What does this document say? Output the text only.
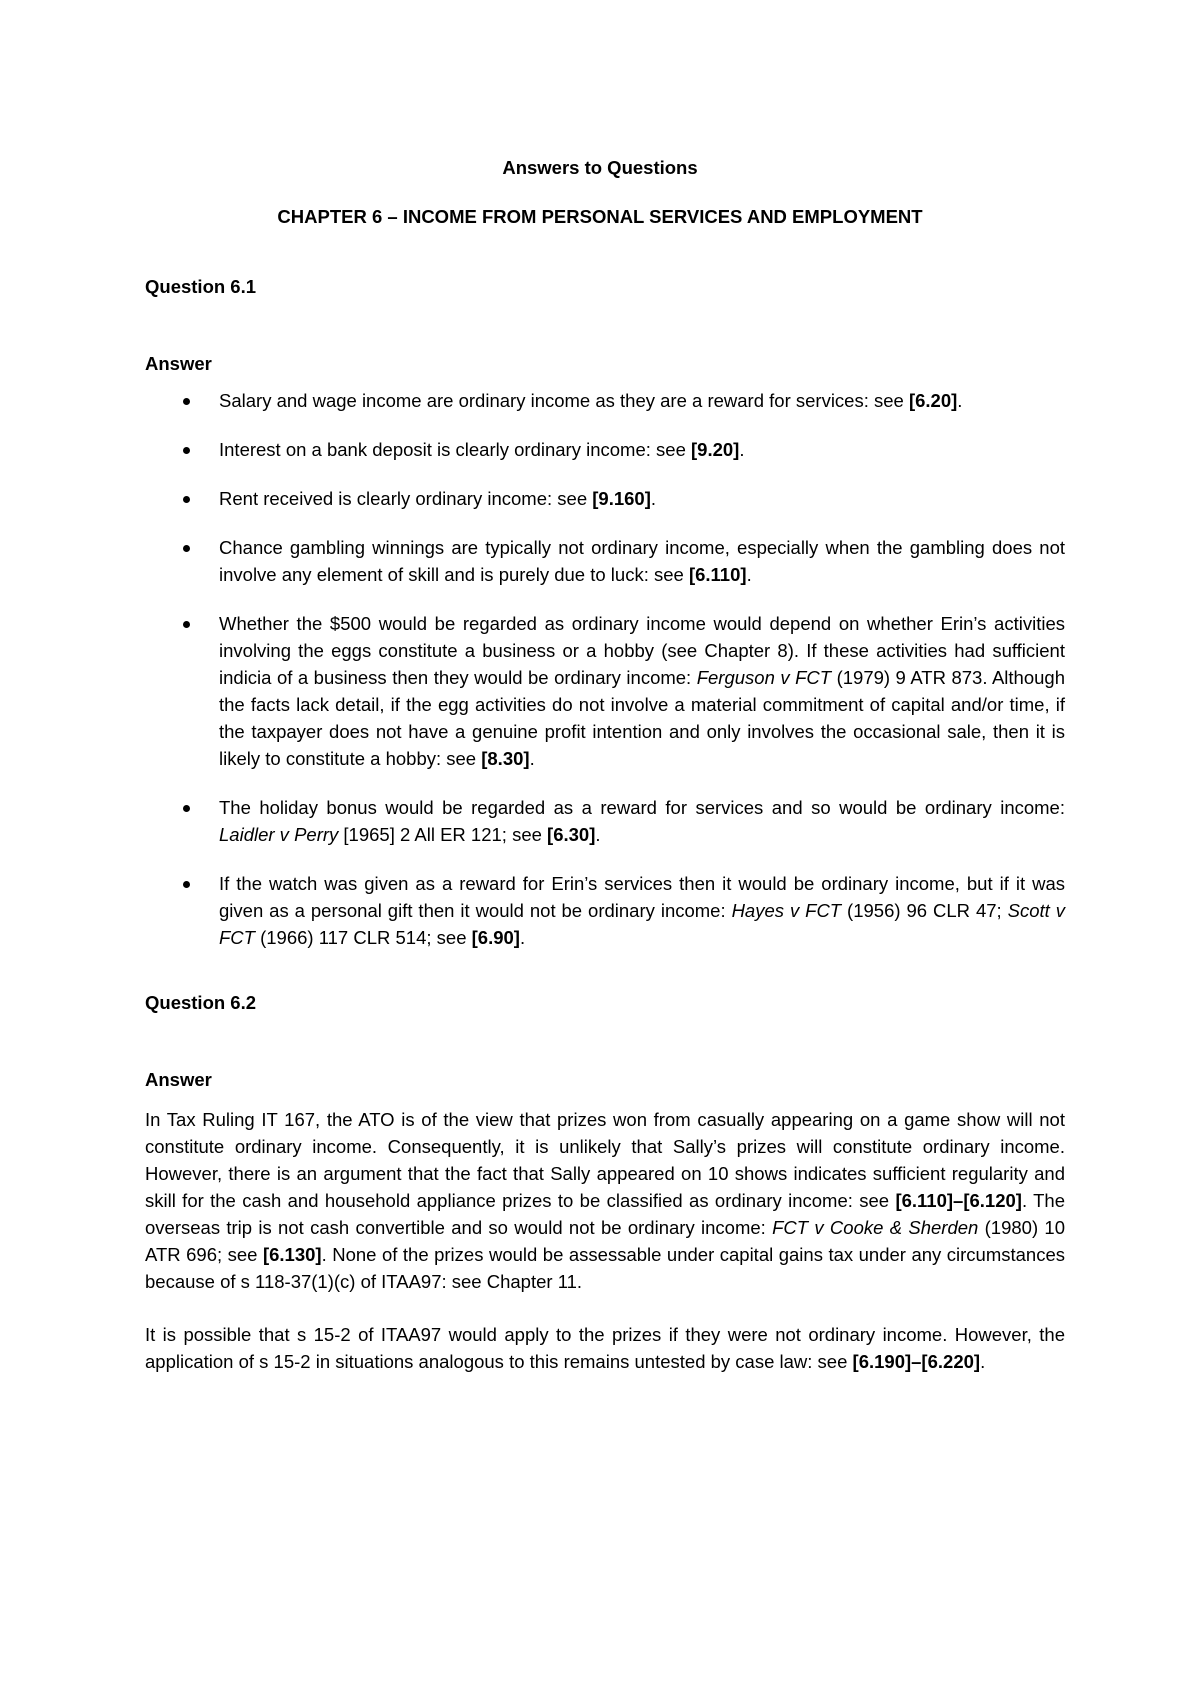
Answers to Questions
CHAPTER 6 – INCOME FROM PERSONAL SERVICES AND EMPLOYMENT
Question 6.1
Answer
Salary and wage income are ordinary income as they are a reward for services: see [6.20].
Interest on a bank deposit is clearly ordinary income: see [9.20].
Rent received is clearly ordinary income: see [9.160].
Chance gambling winnings are typically not ordinary income, especially when the gambling does not involve any element of skill and is purely due to luck: see [6.110].
Whether the $500 would be regarded as ordinary income would depend on whether Erin’s activities involving the eggs constitute a business or a hobby (see Chapter 8). If these activities had sufficient indicia of a business then they would be ordinary income: Ferguson v FCT (1979) 9 ATR 873. Although the facts lack detail, if the egg activities do not involve a material commitment of capital and/or time, if the taxpayer does not have a genuine profit intention and only involves the occasional sale, then it is likely to constitute a hobby: see [8.30].
The holiday bonus would be regarded as a reward for services and so would be ordinary income: Laidler v Perry [1965] 2 All ER 121; see [6.30].
If the watch was given as a reward for Erin’s services then it would be ordinary income, but if it was given as a personal gift then it would not be ordinary income: Hayes v FCT (1956) 96 CLR 47; Scott v FCT (1966) 117 CLR 514; see [6.90].
Question 6.2
Answer

In Tax Ruling IT 167, the ATO is of the view that prizes won from casually appearing on a game show will not constitute ordinary income. Consequently, it is unlikely that Sally’s prizes will constitute ordinary income. However, there is an argument that the fact that Sally appeared on 10 shows indicates sufficient regularity and skill for the cash and household appliance prizes to be classified as ordinary income: see [6.110]–[6.120]. The overseas trip is not cash convertible and so would not be ordinary income: FCT v Cooke & Sherden (1980) 10 ATR 696; see [6.130]. None of the prizes would be assessable under capital gains tax under any circumstances because of s 118-37(1)(c) of ITAA97: see Chapter 11.

It is possible that s 15-2 of ITAA97 would apply to the prizes if they were not ordinary income. However, the application of s 15-2 in situations analogous to this remains untested by case law: see [6.190]–[6.220].
